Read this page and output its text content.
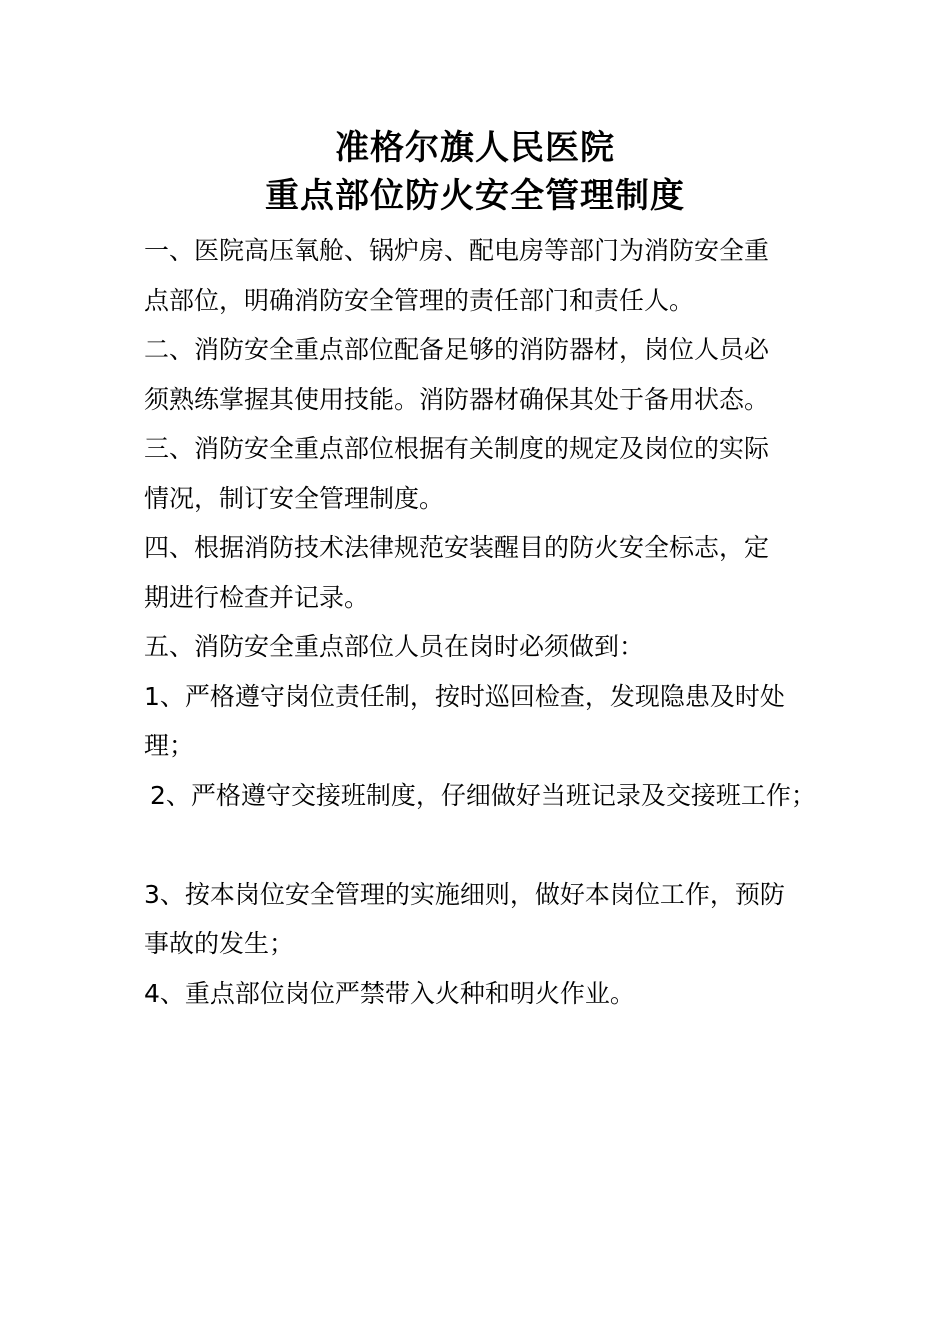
准格尔旗人民医院
重点部位防火安全管理制度
一、医院高压氧舱、锅炉房、配电房等部门为消防安全重
点部位，明确消防安全管理的责任部门和责任人。
二、消防安全重点部位配备足够的消防器材，岗位人员必
须熟练掌握其使用技能。消防器材确保其处于备用状态。
三、消防安全重点部位根据有关制度的规定及岗位的实际
情况，制订安全管理制度。
四、根据消防技术法律规范安装醒目的防火安全标志，定
期进行检查并记录。
五、消防安全重点部位人员在岗时必须做到：
1、严格遵守岗位责任制，按时巡回检查，发现隐患及时处
理；
2、严格遵守交接班制度，仔细做好当班记录及交接班工作；
3、按本岗位安全管理的实施细则，做好本岗位工作，预防
事故的发生；
4、重点部位岗位严禁带入火种和明火作业。
